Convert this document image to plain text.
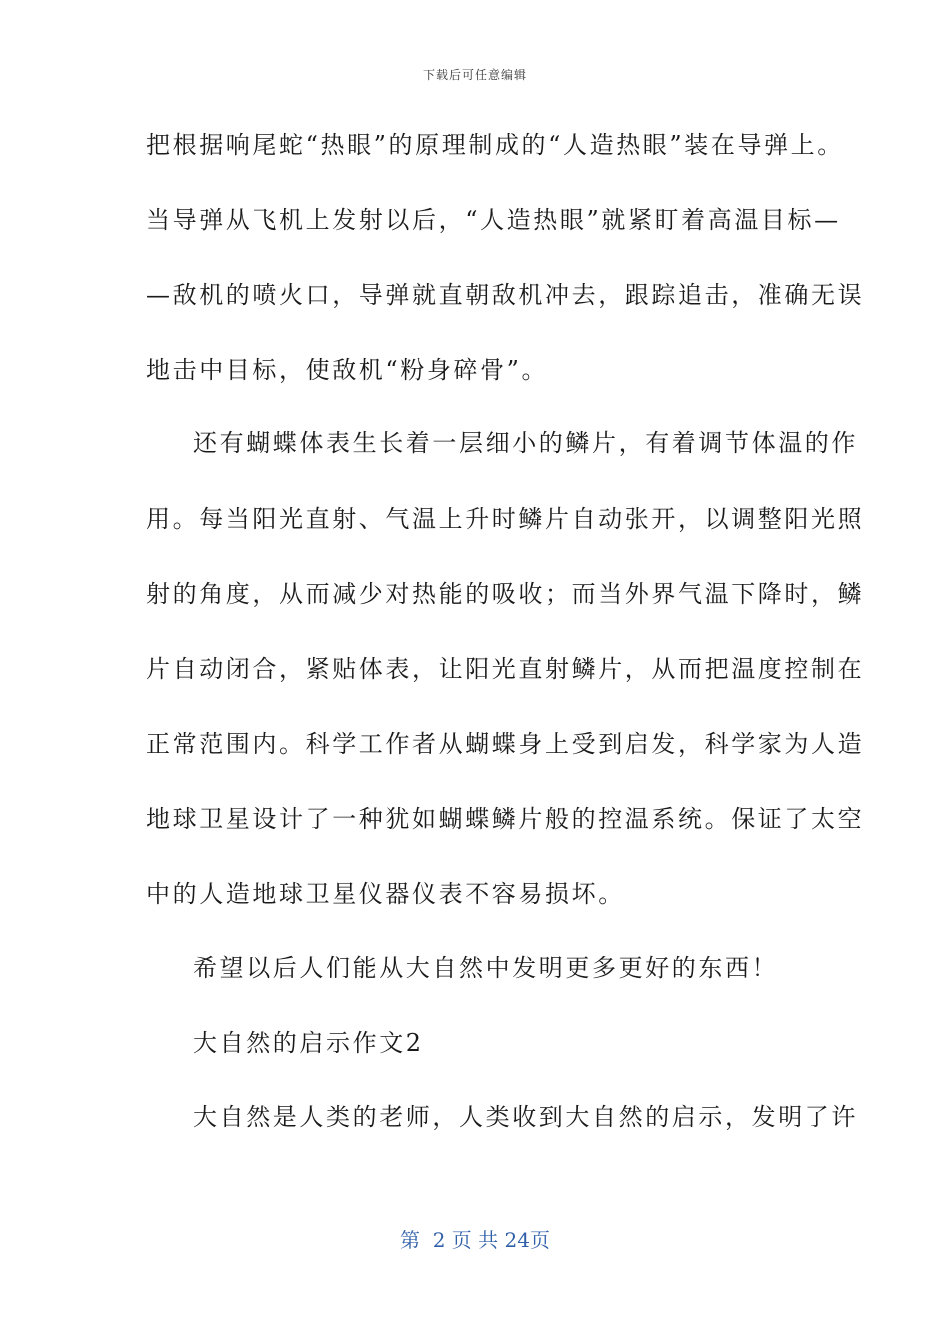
下载后可任意编辑
把根据响尾蛇“热眼”的原理制成的“人造热眼”装在导弹上。
当导弹从飞机上发射以后，“人造热眼”就紧盯着高温目标—
—敌机的喷火口，导弹就直朝敌机冲去，跟踪追击，准确无误
地击中目标，使敌机“粉身碎骨”。
还有蝴蝶体表生长着一层细小的鳞片，有着调节体温的作
用。每当阳光直射、气温上升时鳞片自动张开，以调整阳光照
射的角度，从而减少对热能的吸收；而当外界气温下降时，鳞
片自动闭合，紧贴体表，让阳光直射鳞片，从而把温度控制在
正常范围内。科学工作者从蝴蝶身上受到启发，科学家为人造
地球卫星设计了一种犹如蝴蝶鳞片般的控温系统。保证了太空
中的人造地球卫星仪器仪表不容易损坏。
希望以后人们能从大自然中发明更多更好的东西！
大自然的启示作文2
大自然是人类的老师，人类收到大自然的启示，发明了许
第  2 页 共 24页
